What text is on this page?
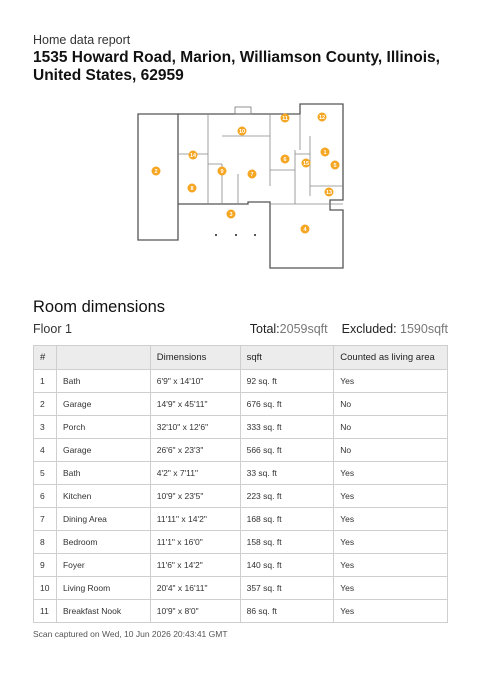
Home data report
1535 Howard Road, Marion, Williamson County, Illinois, United States, 62959
1
2
3
4
5
6
7
8
9
10
11	12
13
14
15
Room dimensions
Floor 1	Total:2059sqft Excluded: 1590sqft
#		Dimensions	sqft	Counted as living area
1	Bath	6'9" x 14'10"	92 sq. ft	Yes
2	Garage	14'9" x 45'11"	676 sq. ft	No
3	Porch	32'10" x 12'6"	333 sq. ft	No
4	Garage	26'6" x 23'3"	566 sq. ft	No
5	Bath	4'2" x 7'11"	33 sq. ft	Yes
6	Kitchen	10'9" x 23'5"	223 sq. ft	Yes
7	Dining Area	11'11" x 14'2"	168 sq. ft	Yes
8	Bedroom	11'1" x 16'0"	158 sq. ft	Yes
9	Foyer	11'6" x 14'2"	140 sq. ft	Yes
10	Living Room	20'4" x 16'11"	357 sq. ft	Yes
11	Breakfast Nook	10'9" x 8'0"	86 sq. ft	Yes
Scan captured on Wed, 10 Jun 2026 20:43:41 GMT
